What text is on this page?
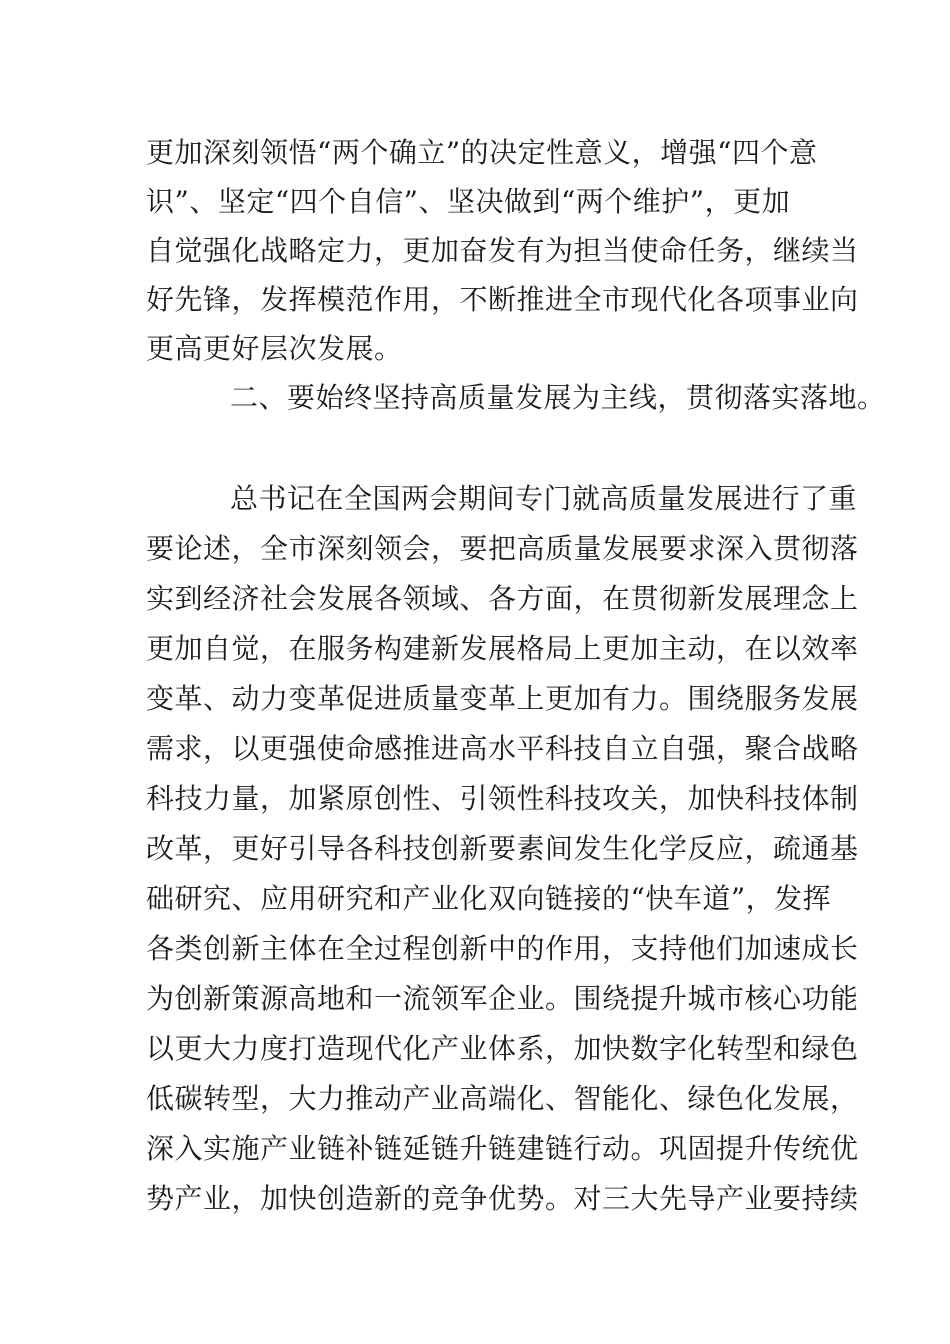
更加深刻领悟“两个确立”的决定性意义，增强“四个意
识”、坚定“四个自信”、坚决做到“两个维护”，更加
自觉强化战略定力，更加奋发有为担当使命任务，继续当
好先锋，发挥模范作用，不断推进全市现代化各项事业向
更高更好层次发展。
二、要始终坚持高质量发展为主线，贯彻落实落地。
总书记在全国两会期间专门就高质量发展进行了重
要论述，全市深刻领会，要把高质量发展要求深入贯彻落
实到经济社会发展各领域、各方面，在贯彻新发展理念上
更加自觉，在服务构建新发展格局上更加主动，在以效率
变革、动力变革促进质量变革上更加有力。围绕服务发展
需求，以更强使命感推进高水平科技自立自强，聚合战略
科技力量，加紧原创性、引领性科技攻关，加快科技体制
改革，更好引导各科技创新要素间发生化学反应，疏通基
础研究、应用研究和产业化双向链接的“快车道”，发挥
各类创新主体在全过程创新中的作用，支持他们加速成长
为创新策源高地和一流领军企业。围绕提升城市核心功能
以更大力度打造现代化产业体系，加快数字化转型和绿色
低碳转型，大力推动产业高端化、智能化、绿色化发展，
深入实施产业链补链延链升链建链行动。巩固提升传统优
势产业，加快创造新的竞争优势。对三大先导产业要持续
